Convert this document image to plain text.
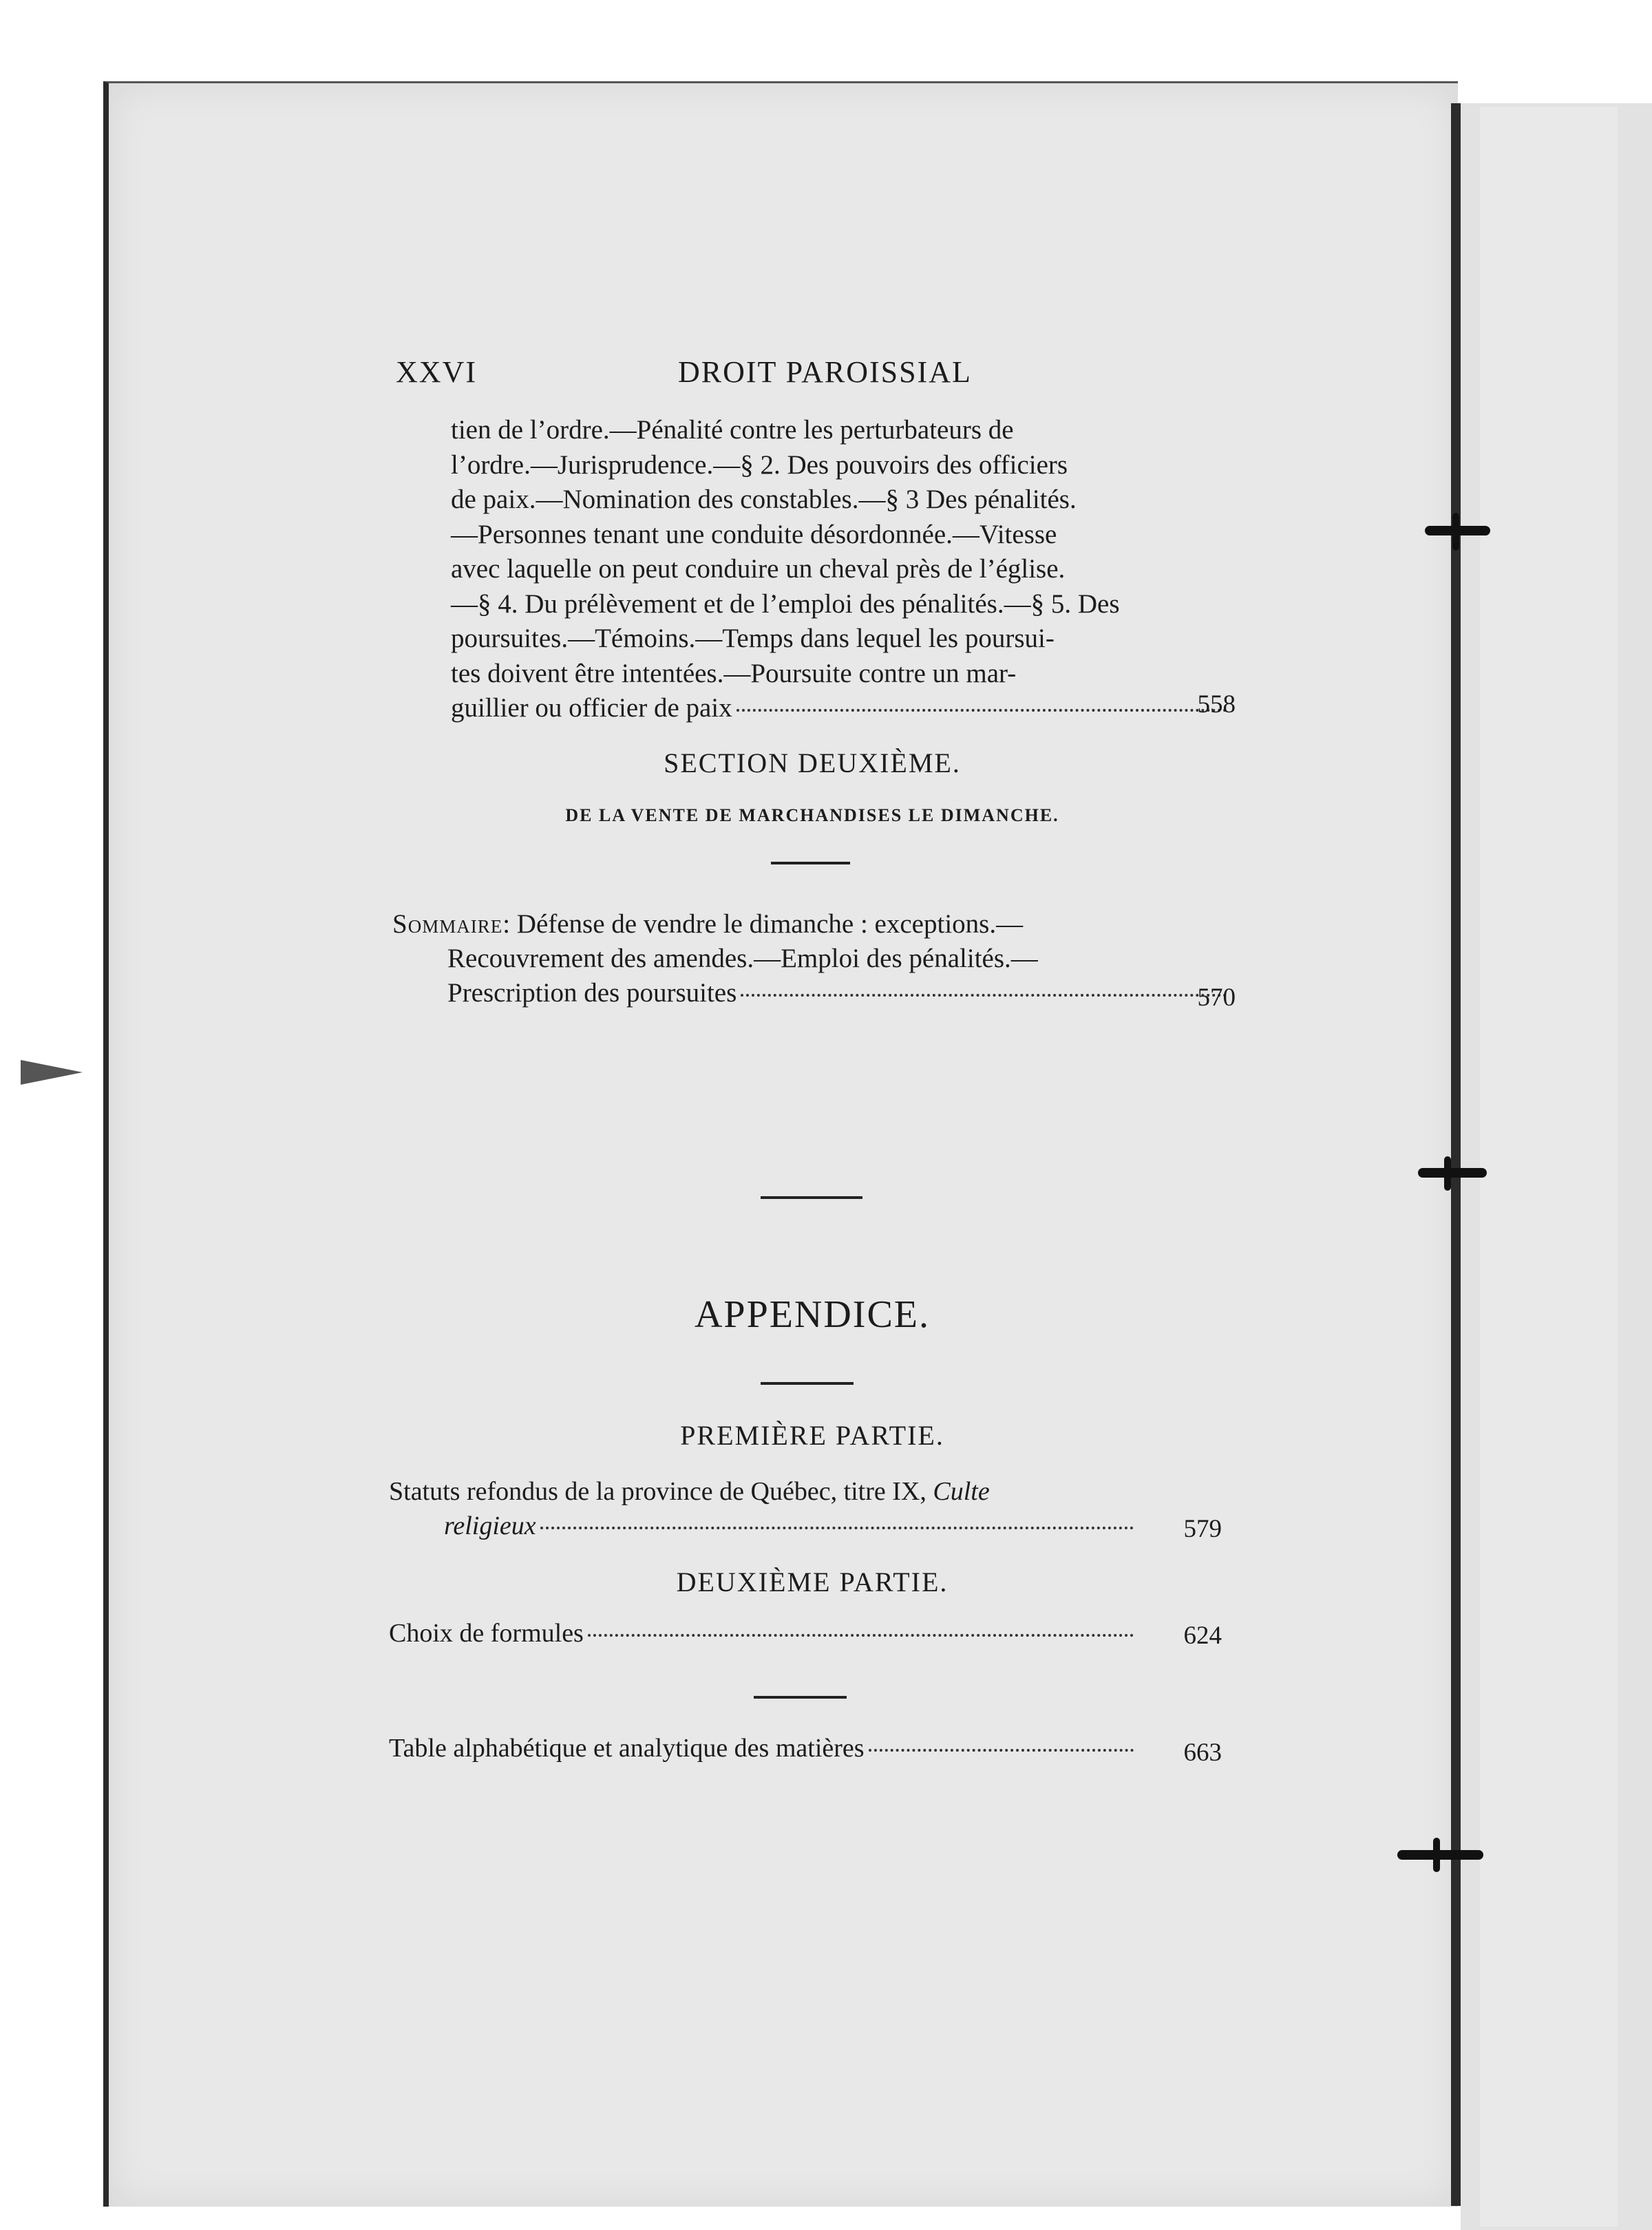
XXVI	DROIT PAROISSIAL
tien de l’ordre.—Pénalité contre les perturbateurs de
l’ordre.—Jurisprudence.—§ 2. Des pouvoirs des officiers
de paix.—Nomination des constables.—§ 3 Des pénalités.
—Personnes tenant une conduite désordonnée.—Vitesse
avec laquelle on peut conduire un cheval près de l’église.
—§ 4. Du prélèvement et de l’emploi des pénalités.—§ 5. Des
poursuites.—Témoins.—Temps dans lequel les poursui-
tes doivent être intentées.—Poursuite contre un mar-
guillier ou officier de paix	558
SECTION DEUXIÈME.
DE LA VENTE DE MARCHANDISES LE DIMANCHE.
Sommaire : Défense de vendre le dimanche : exceptions.—
Recouvrement des amendes.—Emploi des pénalités.—
Prescription des poursuites	570
APPENDICE.
PREMIÈRE PARTIE.
Statuts refondus de la province de Québec, titre IX,
Culte
religieux	579
DEUXIÈME PARTIE.
Choix de formules	624
Table alphabétique et analytique des matières	663
